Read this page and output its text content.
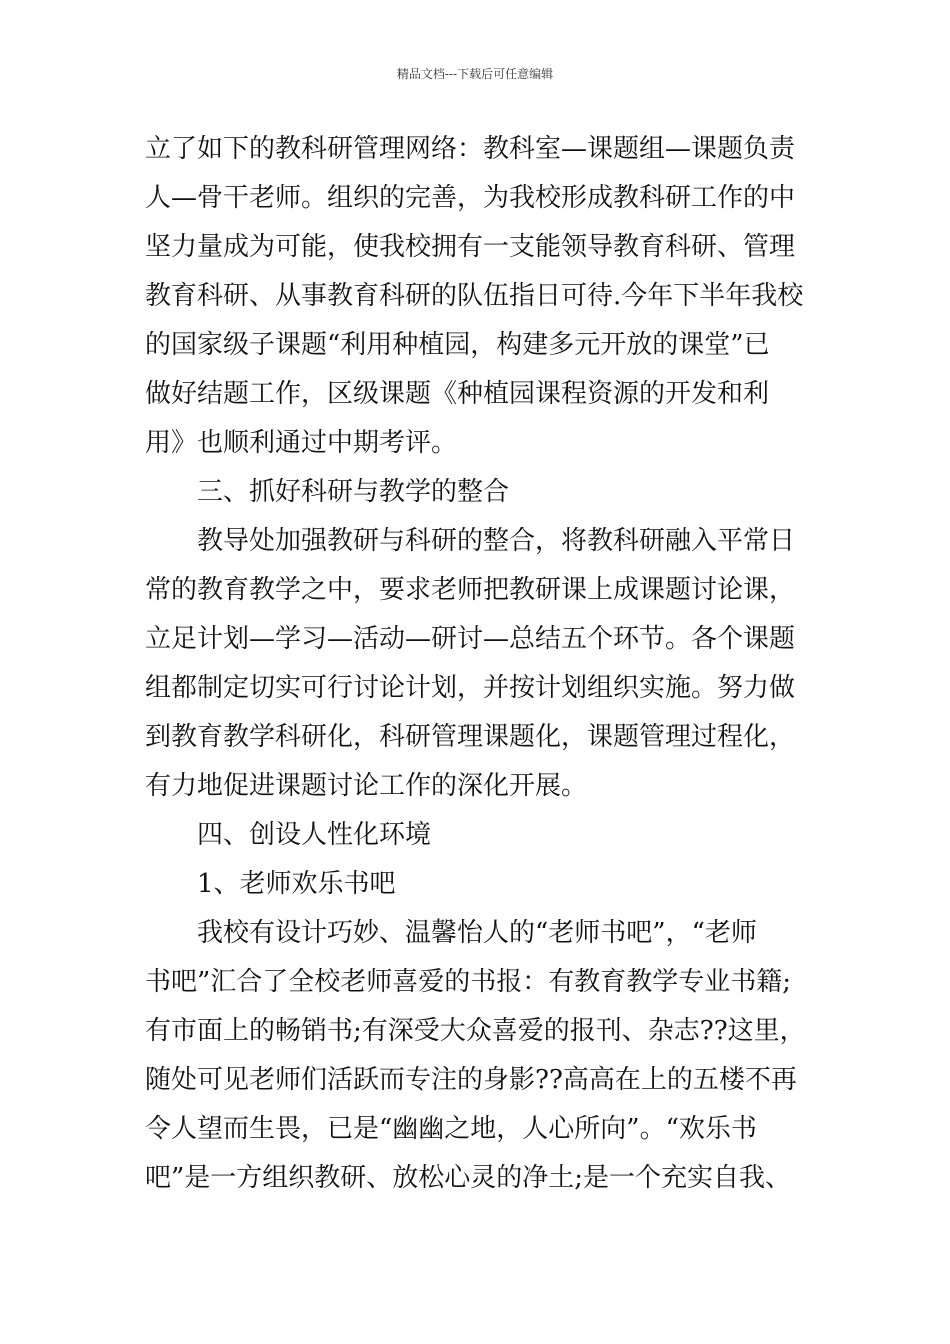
精品文档---下载后可任意编辑
立了如下的教科研管理网络：教科室—课题组—课题负责
人—骨干老师。组织的完善，为我校形成教科研工作的中
坚力量成为可能，使我校拥有一支能领导教育科研、管理
教育科研、从事教育科研的队伍指日可待.今年下半年我校
的国家级子课题“利用种植园，构建多元开放的课堂”已
做好结题工作，区级课题《种植园课程资源的开发和利
用》也顺利通过中期考评。
三、抓好科研与教学的整合
教导处加强教研与科研的整合，将教科研融入平常日
常的教育教学之中，要求老师把教研课上成课题讨论课，
立足计划—学习—活动—研讨—总结五个环节。各个课题
组都制定切实可行讨论计划，并按计划组织实施。努力做
到教育教学科研化，科研管理课题化，课题管理过程化，
有力地促进课题讨论工作的深化开展。
四、创设人性化环境
1、老师欢乐书吧
我校有设计巧妙、温馨怡人的“老师书吧”，“老师
书吧”汇合了全校老师喜爱的书报：有教育教学专业书籍;
有市面上的畅销书;有深受大众喜爱的报刊、杂志??这里，
随处可见老师们活跃而专注的身影??高高在上的五楼不再
令人望而生畏，已是“幽幽之地，人心所向”。“欢乐书
吧”是一方组织教研、放松心灵的净土;是一个充实自我、
